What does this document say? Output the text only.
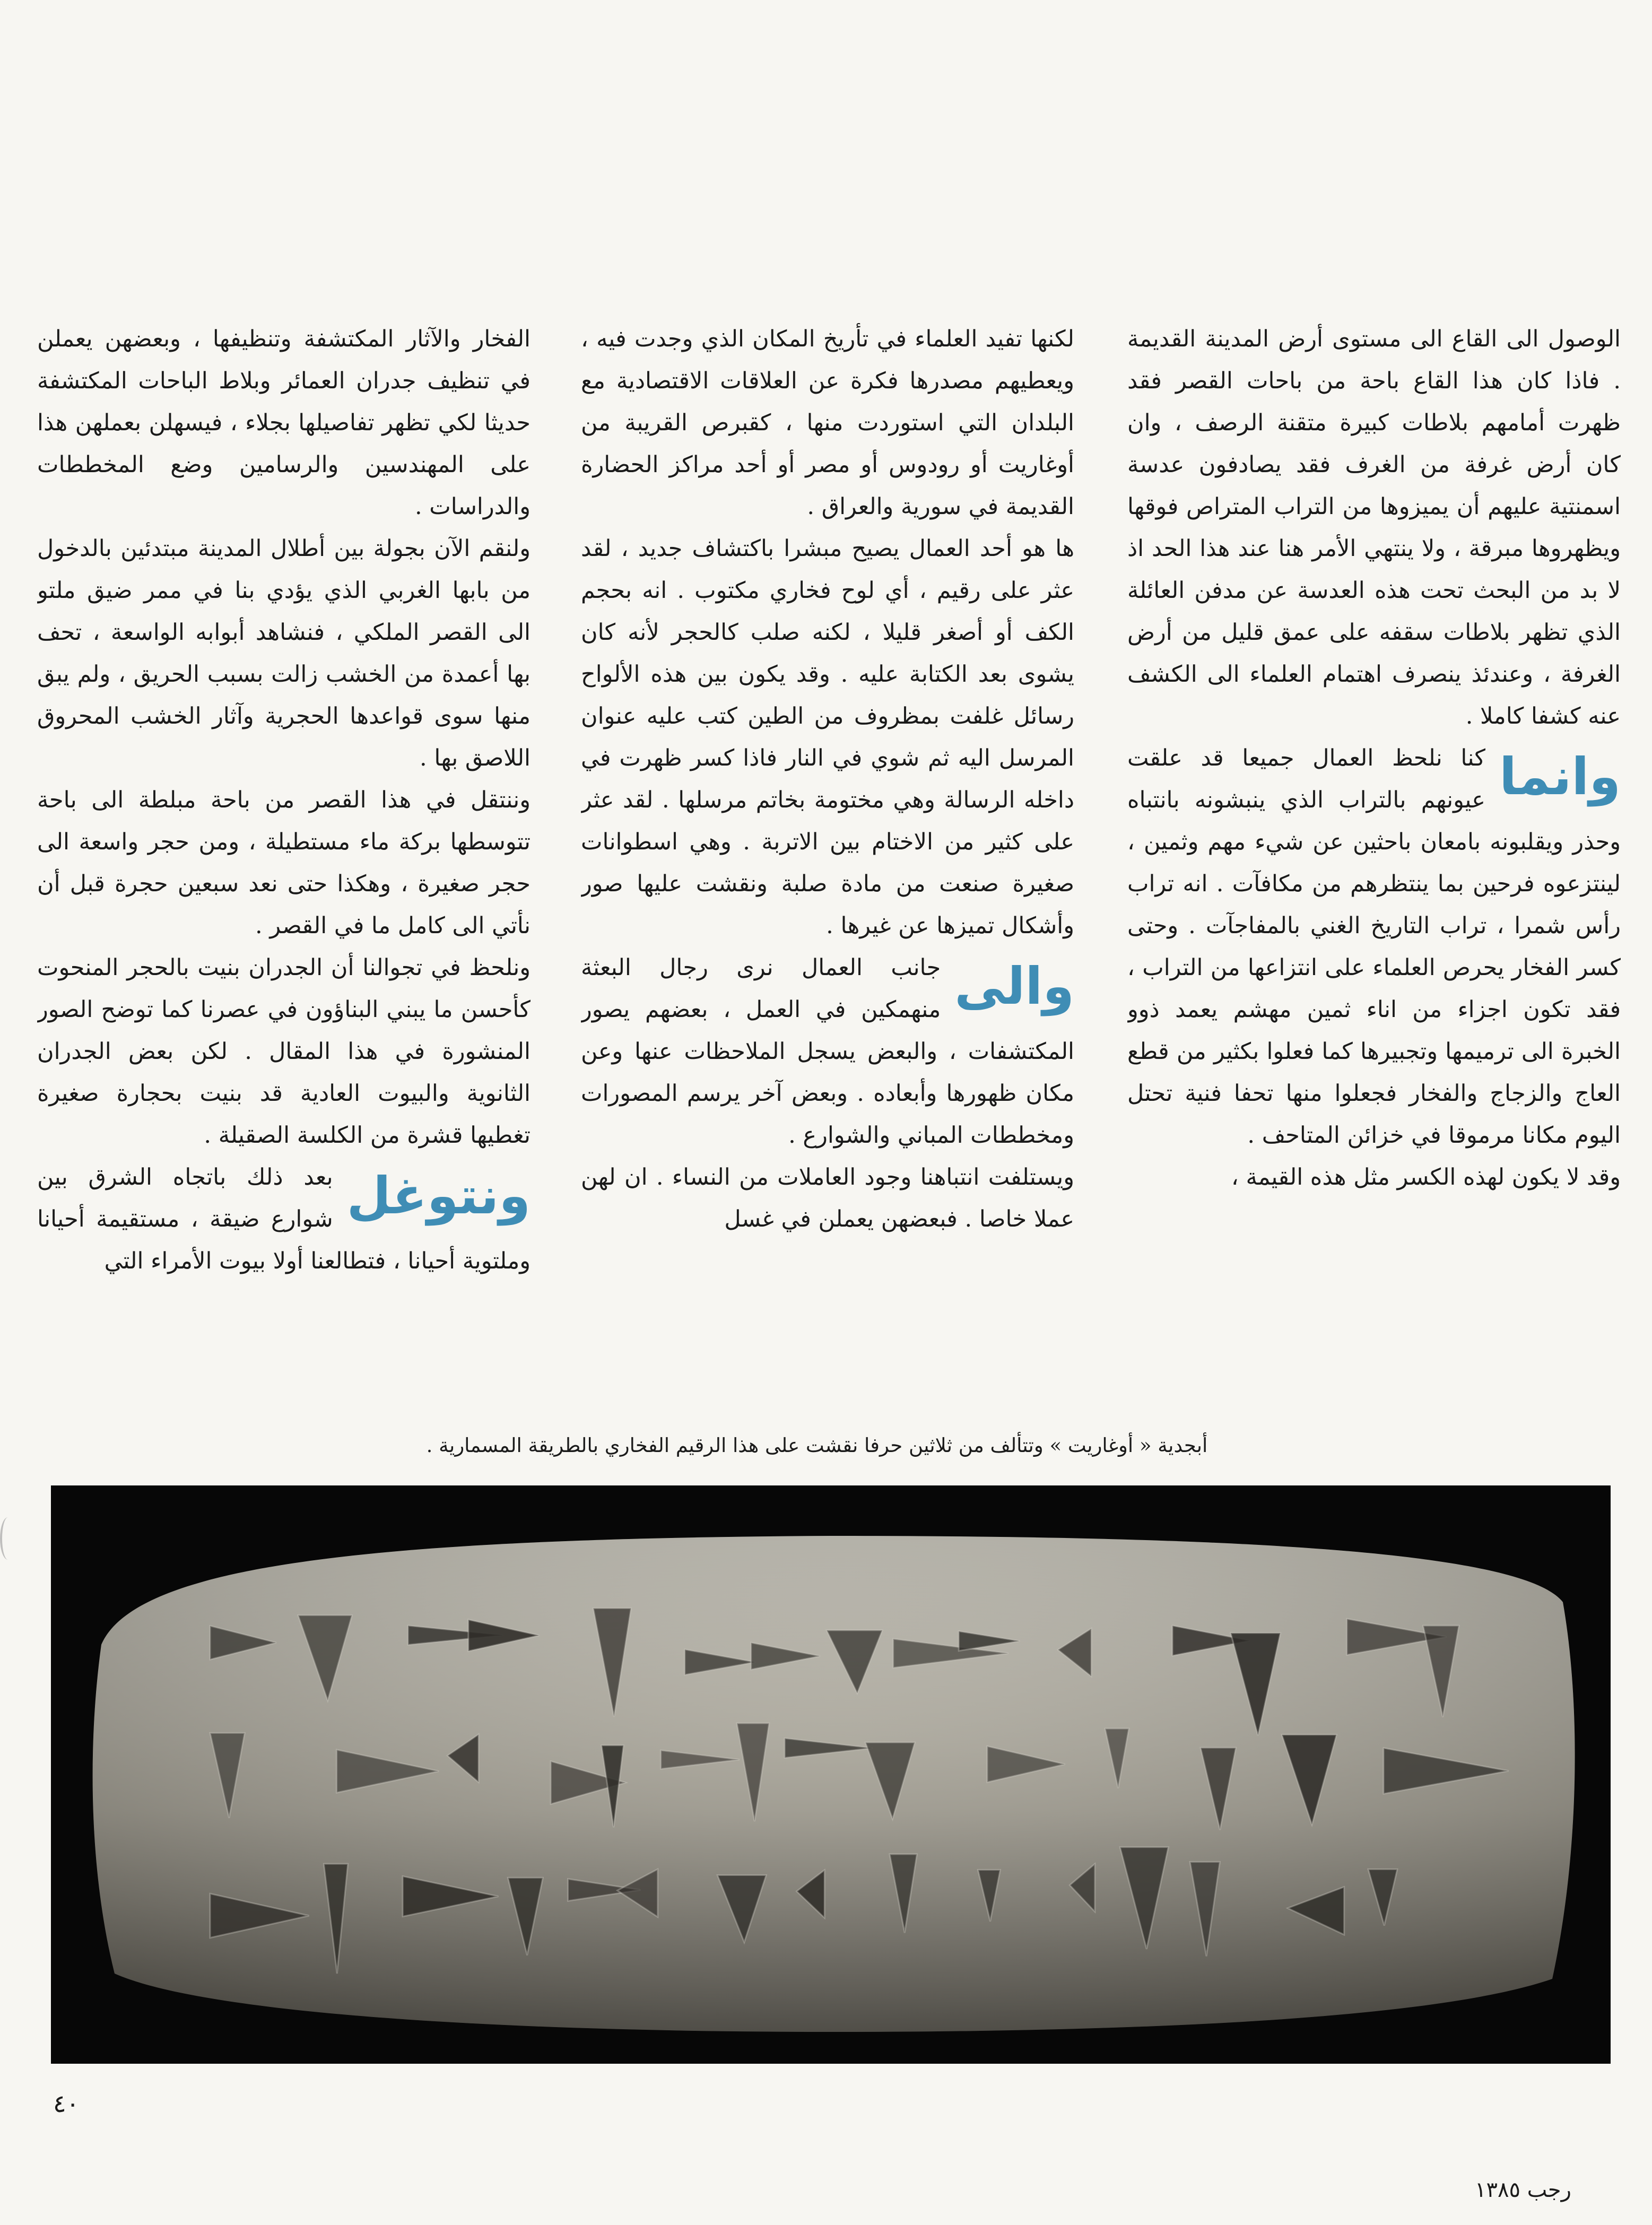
الوصول الى القاع الى مستوى أرض المدينة القديمة . فاذا كان هذا القاع باحة من باحات القصر فقد ظهرت أمامهم بلاطات كبيرة متقنة الرصف ، وان كان أرض غرفة من الغرف فقد يصادفون عدسة اسمنتية عليهم أن يميزوها من التراب المتراص فوقها ويظهروها مبرقة ، ولا ينتهي الأمر هنا عند هذا الحد اذ لا بد من البحث تحت هذه العدسة عن مدفن العائلة الذي تظهر بلاطات سقفه على عمق قليل من أرض الغرفة ، وعندئذ ينصرف اهتمام العلماء الى الكشف عنه كشفا كاملا .

وانما
كنا نلحظ العمال جميعا قد علقت عيونهم بالتراب الذي ينبشونه بانتباه وحذر ويقلبونه بامعان باحثين عن شيء مهم وثمين ، لينتزعوه فرحين بما ينتظرهم من مكافآت . انه تراب رأس شمرا ، تراب التاريخ الغني بالمفاجآت . وحتى كسر الفخار يحرص العلماء على انتزاعها من التراب ، فقد تكون اجزاء من اناء ثمين مهشم يعمد ذوو الخبرة الى ترميمها وتجبيرها كما فعلوا بكثير من قطع العاج والزجاج والفخار فجعلوا منها تحفا فنية تحتل اليوم مكانا مرموقا في خزائن المتاحف .

وقد لا يكون لهذه الكسر مثل هذه القيمة ،

لكنها تفيد العلماء في تأريخ المكان الذي وجدت فيه ، ويعطيهم مصدرها فكرة عن العلاقات الاقتصادية مع البلدان التي استوردت منها ، كقبرص القريبة من أوغاريت أو رودوس أو مصر أو أحد مراكز الحضارة القديمة في سورية والعراق .

ها هو أحد العمال يصيح مبشرا باكتشاف جديد ، لقد عثر على رقيم ، أي لوح فخاري مكتوب . انه بحجم الكف أو أصغر قليلا ، لكنه صلب كالحجر لأنه كان يشوى بعد الكتابة عليه . وقد يكون بين هذه الألواح رسائل غلفت بمظروف من الطين كتب عليه عنوان المرسل اليه ثم شوي في النار فاذا كسر ظهرت في داخله الرسالة وهي مختومة بخاتم مرسلها . لقد عثر على كثير من الاختام بين الاتربة . وهي اسطوانات صغيرة صنعت من مادة صلبة ونقشت عليها صور وأشكال تميزها عن غيرها .

والى
جانب العمال نرى رجال البعثة منهمكين في العمل ، بعضهم يصور المكتشفات ، والبعض يسجل الملاحظات عنها وعن مكان ظهورها وأبعاده . وبعض آخر يرسم المصورات ومخططات المباني والشوارع .

ويستلفت انتباهنا وجود العاملات من النساء . ان لهن عملا خاصا . فبعضهن يعملن في غسل

الفخار والآثار المكتشفة وتنظيفها ، وبعضهن يعملن في تنظيف جدران العمائر وبلاط الباحات المكتشفة حديثا لكي تظهر تفاصيلها بجلاء ، فيسهلن بعملهن هذا على المهندسين والرسامين وضع المخططات والدراسات .

ولنقم الآن بجولة بين أطلال المدينة مبتدئين بالدخول من بابها الغربي الذي يؤدي بنا في ممر ضيق ملتو الى القصر الملكي ، فنشاهد أبوابه الواسعة ، تحف بها أعمدة من الخشب زالت بسبب الحريق ، ولم يبق منها سوى قواعدها الحجرية وآثار الخشب المحروق اللاصق بها .

وننتقل في هذا القصر من باحة مبلطة الى باحة تتوسطها بركة ماء مستطيلة ، ومن حجر واسعة الى حجر صغيرة ، وهكذا حتى نعد سبعين حجرة قبل أن نأتي الى كامل ما في القصر .

ونلحظ في تجوالنا أن الجدران بنيت بالحجر المنحوت كأحسن ما يبني البناؤون في عصرنا كما توضح الصور المنشورة في هذا المقال . لكن بعض الجدران الثانوية والبيوت العادية قد بنيت بحجارة صغيرة تغطيها قشرة من الكلسة الصقيلة .

ونتوغل
بعد ذلك باتجاه الشرق بين شوارع ضيقة ، مستقيمة أحيانا وملتوية أحيانا ، فتطالعنا أولا بيوت الأمراء التي

أبجدية « أوغاريت » وتتألف من ثلاثين حرفا نقشت على هذا الرقيم الفخاري بالطريقة المسمارية .
٤٠
رجب ١٣٨٥
